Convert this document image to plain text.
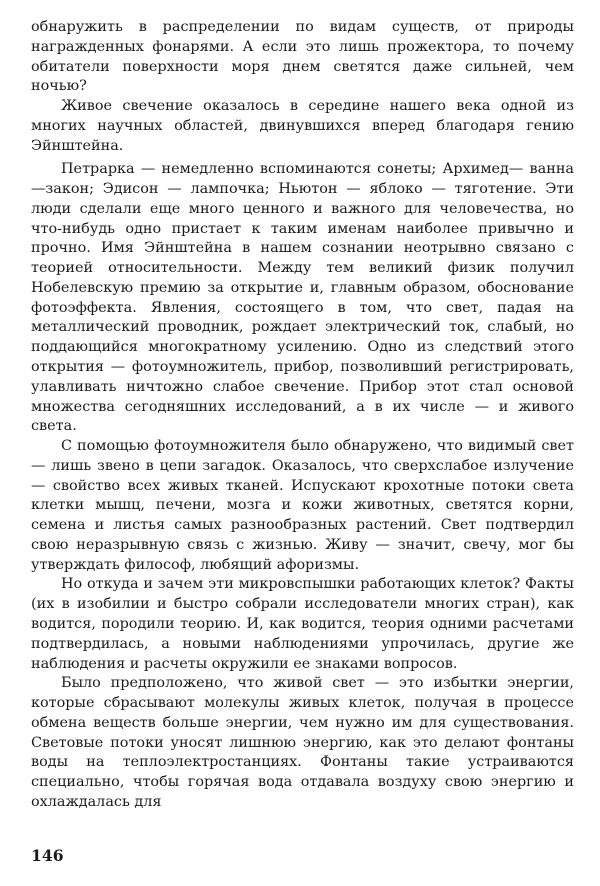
обнаружить в распределении по видам существ, от природы награжденных фонарями. А если это лишь прожектора, то почему обитатели поверхности моря днем светятся даже сильней, чем ночью?

Живое свечение оказалось в середине нашего века одной из многих научных областей, двинувшихся вперед благодаря гению Эйнштейна.

Петрарка — немедленно вспоминаются сонеты; Архимед— ванна —закон; Эдисон — лампочка; Ньютон — яблоко — тяготение. Эти люди сделали еще много ценного и важного для человечества, но что-нибудь одно пристает к таким именам наиболее привычно и прочно. Имя Эйнштейна в нашем сознании неотрывно связано с теорией относительности. Между тем великий физик получил Нобелевскую премию за открытие и, главным образом, обоснование фотоэффекта. Явления, состоящего в том, что свет, падая на металлический проводник, рождает электрический ток, слабый, но поддающийся многократному усилению. Одно из следствий этого открытия — фотоумножитель, прибор, позволивший регистрировать, улавливать ничтожно слабое свечение. Прибор этот стал основой множества сегодняшних исследований, а в их числе — и живого света.

С помощью фотоумножителя было обнаружено, что видимый свет — лишь звено в цепи загадок. Оказалось, что сверхслабое излучение — свойство всех живых тканей. Испускают крохотные потоки света клетки мышц, печени, мозга и кожи животных, светятся корни, семена и листья самых разнообразных растений. Свет подтвердил свою неразрывную связь с жизнью. Живу — значит, свечу, мог бы утверждать философ, любящий афоризмы.

Но откуда и зачем эти микровспышки работающих клеток? Факты (их в изобилии и быстро собрали исследователи многих стран), как водится, породили теорию. И, как водится, теория одними расчетами подтвердилась, а новыми наблюдениями упрочилась, другие же наблюдения и расчеты окружили ее знаками вопросов.

Было предположено, что живой свет — это избытки энергии, которые сбрасывают молекулы живых клеток, получая в процессе обмена веществ больше энергии, чем нужно им для существования. Световые потоки уносят лишнюю энергию, как это делают фонтаны воды на теплоэлектростанциях. Фонтаны такие устраиваются специально, чтобы горячая вода отдавала воздуху свою энергию и охлаждалась для

146
